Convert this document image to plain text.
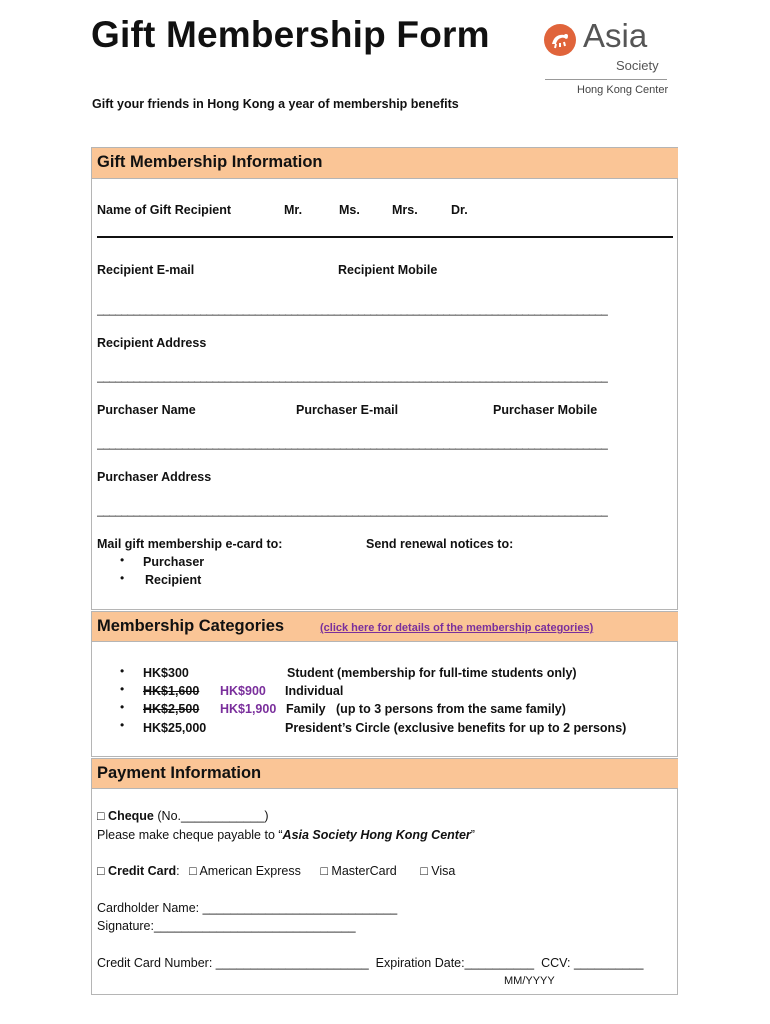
Gift Membership Form
Gift your friends in Hong Kong a year of membership benefits
Asia
Society
Hong Kong Center
Gift Membership Information
Name of Gift Recipient	Mr.	Ms.	Mrs.	Dr.
Recipient E-mail	Recipient Mobile
____________________________________________________________________________________
Recipient Address
____________________________________________________________________________________
Purchaser Name	Purchaser E-mail	Purchaser Mobile
____________________________________________________________________________________
Purchaser Address
____________________________________________________________________________________
Mail gift membership e-card to:	Send renewal notices to:
• Purchaser
• Recipient
Membership Categories	(click here for details of the membership categories)
• HK$300	Student (membership for full-time students only)
• HK$1,600 HK$900 Individual
• HK$2,500 HK$1,900 Family   (up to 3 persons from the same family)
• HK$25,000	President’s Circle (exclusive benefits for up to 2 persons)
Payment Information
□ Cheque (No.____________)
Please make cheque payable to “Asia Society Hong Kong Center”
□ Credit Card: □ American Express □ MasterCard □ Visa
Cardholder Name: ____________________________
Signature:_____________________________
Credit Card Number: ______________________  Expiration Date:__________  CCV: __________
MM/YYYY
